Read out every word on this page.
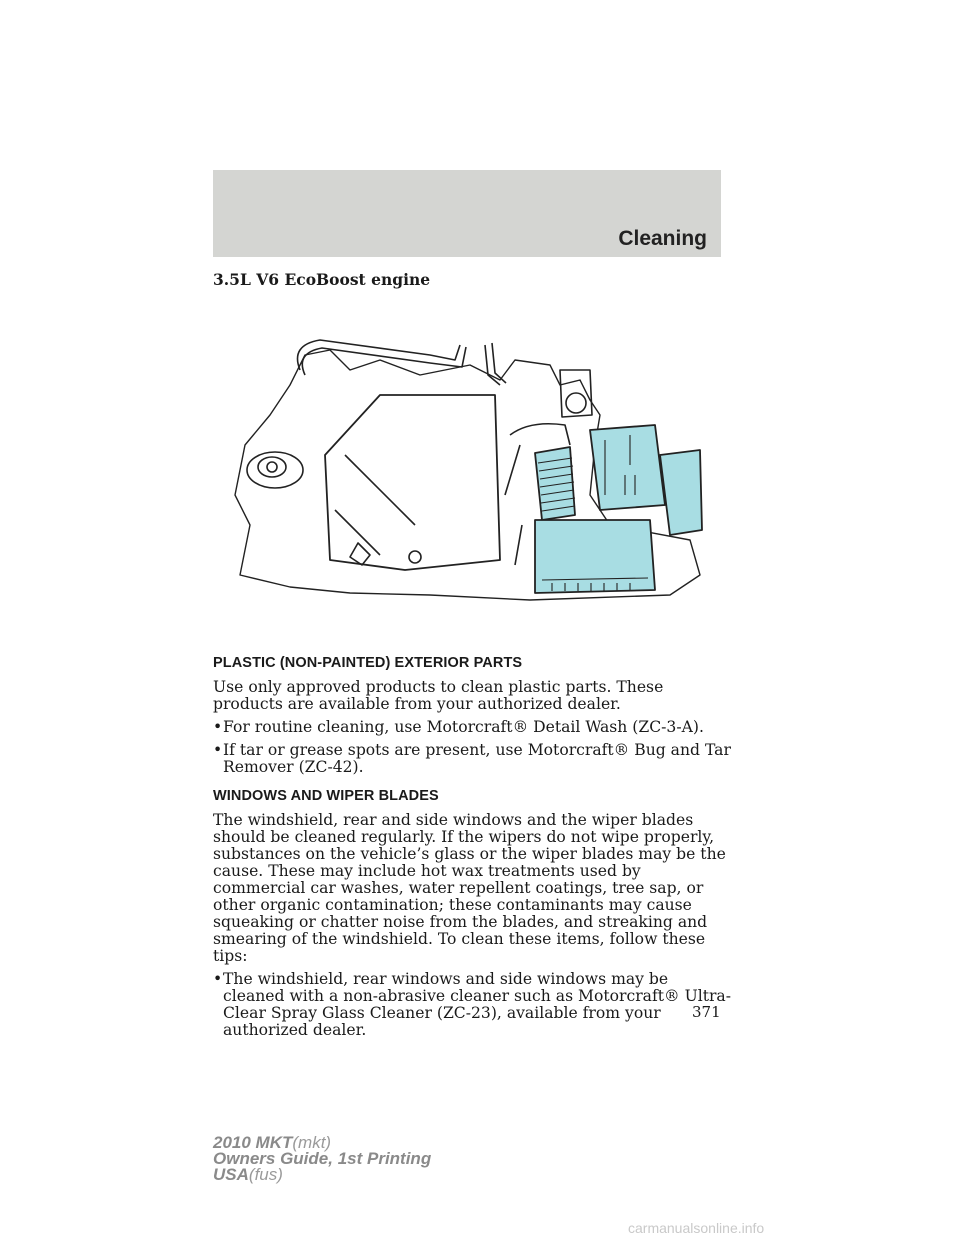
Cleaning
3.5L V6 EcoBoost engine
PLASTIC (NON-PAINTED) EXTERIOR PARTS

Use only approved products to clean plastic parts. These products are available from your authorized dealer.

• For routine cleaning, use Motorcraft® Detail Wash (ZC-3-A).
• If tar or grease spots are present, use Motorcraft® Bug and Tar Remover (ZC-42).
WINDOWS AND WIPER BLADES

The windshield, rear and side windows and the wiper blades should be cleaned regularly. If the wipers do not wipe properly, substances on the vehicle’s glass or the wiper blades may be the cause. These may include hot wax treatments used by commercial car washes, water repellent coatings, tree sap, or other organic contamination; these contaminants may cause squeaking or chatter noise from the blades, and streaking and smearing of the windshield. To clean these items, follow these tips:

• The windshield, rear windows and side windows may be cleaned with a non-abrasive cleaner such as Motorcraft® Ultra-Clear Spray Glass Cleaner (ZC-23), available from your authorized dealer.
371
2010 MKT(mkt)
Owners Guide, 1st Printing
USA(fus)
carmanualsonline.info
